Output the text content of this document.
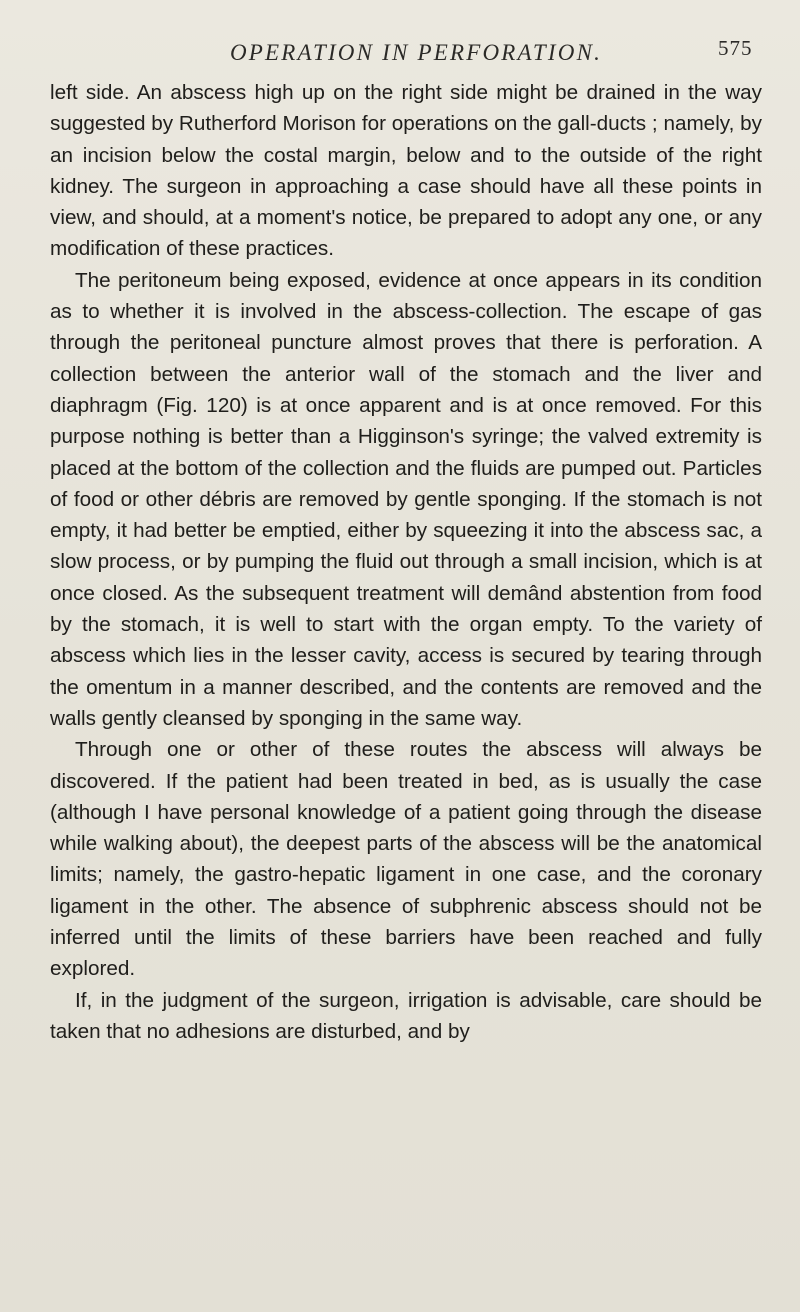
OPERATION IN PERFORATION.	575

left side. An abscess high up on the right side might be drained in the way suggested by Rutherford Morison for operations on the gall-ducts ; namely, by an incision below the costal margin, below and to the outside of the right kidney. The surgeon in approaching a case should have all these points in view, and should, at a moment's notice, be prepared to adopt any one, or any modification of these practices.

The peritoneum being exposed, evidence at once appears in its condition as to whether it is involved in the abscess-collection. The escape of gas through the peritoneal puncture almost proves that there is perforation. A collection between the anterior wall of the stomach and the liver and diaphragm (Fig. 120) is at once apparent and is at once removed. For this purpose nothing is better than a Higginson's syringe; the valved extremity is placed at the bottom of the collection and the fluids are pumped out. Particles of food or other débris are removed by gentle sponging. If the stomach is not empty, it had better be emptied, either by squeezing it into the abscess sac, a slow process, or by pumping the fluid out through a small incision, which is at once closed. As the subsequent treatment will demând abstention from food by the stomach, it is well to start with the organ empty. To the variety of abscess which lies in the lesser cavity, access is secured by tearing through the omentum in a manner described, and the contents are removed and the walls gently cleansed by sponging in the same way.

Through one or other of these routes the abscess will always be discovered. If the patient had been treated in bed, as is usually the case (although I have personal knowledge of a patient going through the disease while walking about), the deepest parts of the abscess will be the anatomical limits; namely, the gastro-hepatic ligament in one case, and the coronary ligament in the other. The absence of subphrenic abscess should not be inferred until the limits of these barriers have been reached and fully explored.

If, in the judgment of the surgeon, irrigation is advisable, care should be taken that no adhesions are disturbed, and by
